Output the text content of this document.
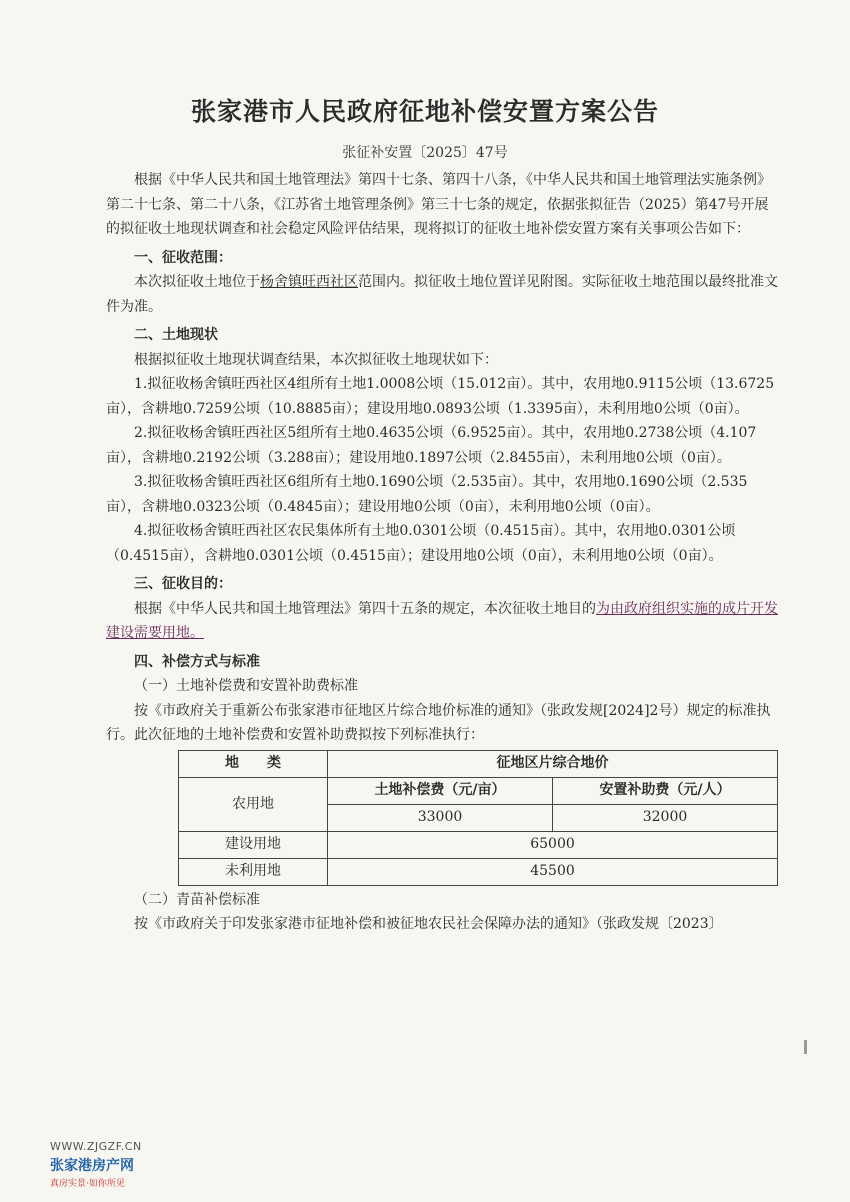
张家港市人民政府征地补偿安置方案公告
张征补安置〔2025〕47号

根据《中华人民共和国土地管理法》第四十七条、第四十八条，《中华人民共和国土地管理法实施条例》第二十七条、第二十八条，《江苏省土地管理条例》第三十七条的规定，依据张拟征告（2025）第47号开展的拟征收土地现状调查和社会稳定风险评估结果，现将拟订的征收土地补偿安置方案有关事项公告如下：

一、征收范围：

本次拟征收土地位于杨舍镇旺西社区范围内。拟征收土地位置详见附图。实际征收土地范围以最终批准文件为准。

二、土地现状

根据拟征收土地现状调查结果，本次拟征收土地现状如下：

1.拟征收杨舍镇旺西社区4组所有土地1.0008公顷（15.012亩）。其中，农用地0.9115公顷（13.6725亩），含耕地0.7259公顷（10.8885亩）；建设用地0.0893公顷（1.3395亩），未利用地0公顷（0亩）。

2.拟征收杨舍镇旺西社区5组所有土地0.4635公顷（6.9525亩）。其中，农用地0.2738公顷（4.107亩），含耕地0.2192公顷（3.288亩）；建设用地0.1897公顷（2.8455亩），未利用地0公顷（0亩）。

3.拟征收杨舍镇旺西社区6组所有土地0.1690公顷（2.535亩）。其中，农用地0.1690公顷（2.535亩），含耕地0.0323公顷（0.4845亩）；建设用地0公顷（0亩），未利用地0公顷（0亩）。

4.拟征收杨舍镇旺西社区农民集体所有土地0.0301公顷（0.4515亩）。其中，农用地0.0301公顷（0.4515亩），含耕地0.0301公顷（0.4515亩）；建设用地0公顷（0亩），未利用地0公顷（0亩）。

三、征收目的：

根据《中华人民共和国土地管理法》第四十五条的规定，本次征收土地目的为由政府组织实施的成片开发建设需要用地。

四、补偿方式与标准

（一）土地补偿费和安置补助费标准

按《市政府关于重新公布张家港市征地区片综合地价标准的通知》（张政发规[2024]2号）规定的标准执行。此次征地的土地补偿费和安置补助费拟按下列标准执行：

地　　类	征地区片综合地价	
农用地	土地补偿费（元/亩）	安置补助费（元/人）
	33000	32000
建设用地	65000	
未利用地	45500	

（二）青苗补偿标准

按《市政府关于印发张家港市征地补偿和被征地农民社会保障办法的通知》（张政发规〔2023〕

WWW.ZJGZF.CN
张家港房产网
真房实景·如你所见
